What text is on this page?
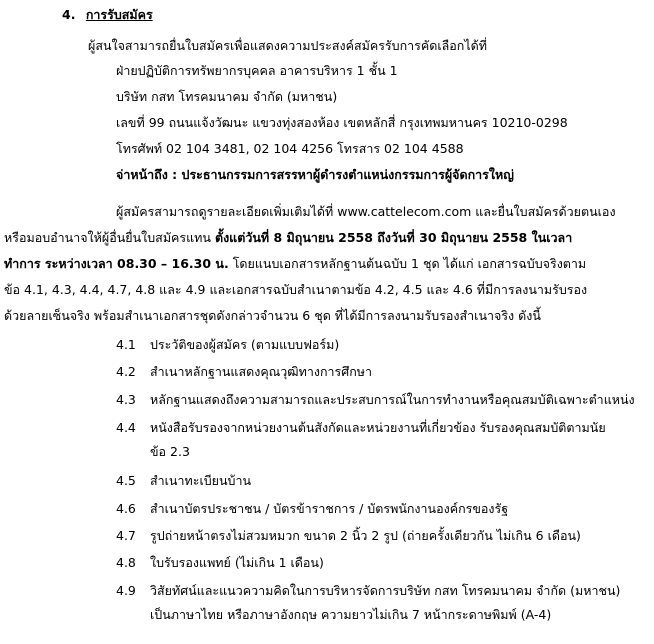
4. การรับสมัคร
ผู้สนใจสามารถยื่นใบสมัครเพื่อแสดงความประสงค์สมัครรับการคัดเลือกได้ที่
ฝ่ายปฏิบัติการทรัพยากรบุคคล อาคารบริหาร 1 ชั้น 1
บริษัท กสท โทรคมนาคม จำกัด (มหาชน)
เลขที่ 99 ถนนแจ้งวัฒนะ แขวงทุ่งสองห้อง เขตหลักสี่ กรุงเทพมหานคร 10210-0298
โทรศัพท์ 02 104 3481, 02 104 4256 โทรสาร 02 104 4588
จ่าหน้าถึง : ประธานกรรมการสรรหาผู้ดำรงตำแหน่งกรรมการผู้จัดการใหญ่
ผู้สมัครสามารถดูรายละเอียดเพิ่มเติมได้ที่ www.cattelecom.com และยื่นใบสมัครด้วยตนเอง
หรือมอบอำนาจให้ผู้อื่นยื่นใบสมัครแทน ตั้งแต่วันที่ 8 มิถุนายน 2558 ถึงวันที่ 30 มิถุนายน 2558 ในเวลา
ทำการ ระหว่างเวลา 08.30 – 16.30 น. โดยแนบเอกสารหลักฐานต้นฉบับ 1 ชุด ได้แก่ เอกสารฉบับจริงตาม
ข้อ 4.1, 4.3, 4.4, 4.7, 4.8 และ 4.9 และเอกสารฉบับสำเนาตามข้อ 4.2, 4.5 และ 4.6 ที่มีการลงนามรับรอง
ด้วยลายเซ็นจริง พร้อมสำเนาเอกสารชุดดังกล่าวจำนวน 6 ชุด ที่ได้มีการลงนามรับรองสำเนาจริง ดังนี้
4.1 ประวัติของผู้สมัคร (ตามแบบฟอร์ม)
4.2 สำเนาหลักฐานแสดงคุณวุฒิทางการศึกษา
4.3 หลักฐานแสดงถึงความสามารถและประสบการณ์ในการทำงานหรือคุณสมบัติเฉพาะตำแหน่ง
4.4 หนังสือรับรองจากหน่วยงานต้นสังกัดและหน่วยงานที่เกี่ยวข้อง รับรองคุณสมบัติตามนัย
ข้อ 2.3
4.5 สำเนาทะเบียนบ้าน
4.6 สำเนาบัตรประชาชน / บัตรข้าราชการ / บัตรพนักงานองค์กรของรัฐ
4.7 รูปถ่ายหน้าตรงไม่สวมหมวก ขนาด 2 นิ้ว 2 รูป (ถ่ายครั้งเดียวกัน ไม่เกิน 6 เดือน)
4.8 ใบรับรองแพทย์ (ไม่เกิน 1 เดือน)
4.9 วิสัยทัศน์และแนวความคิดในการบริหารจัดการบริษัท กสท โทรคมนาคม จำกัด (มหาชน)
เป็นภาษาไทย หรือภาษาอังกฤษ ความยาวไม่เกิน 7 หน้ากระดาษพิมพ์ (A-4)
